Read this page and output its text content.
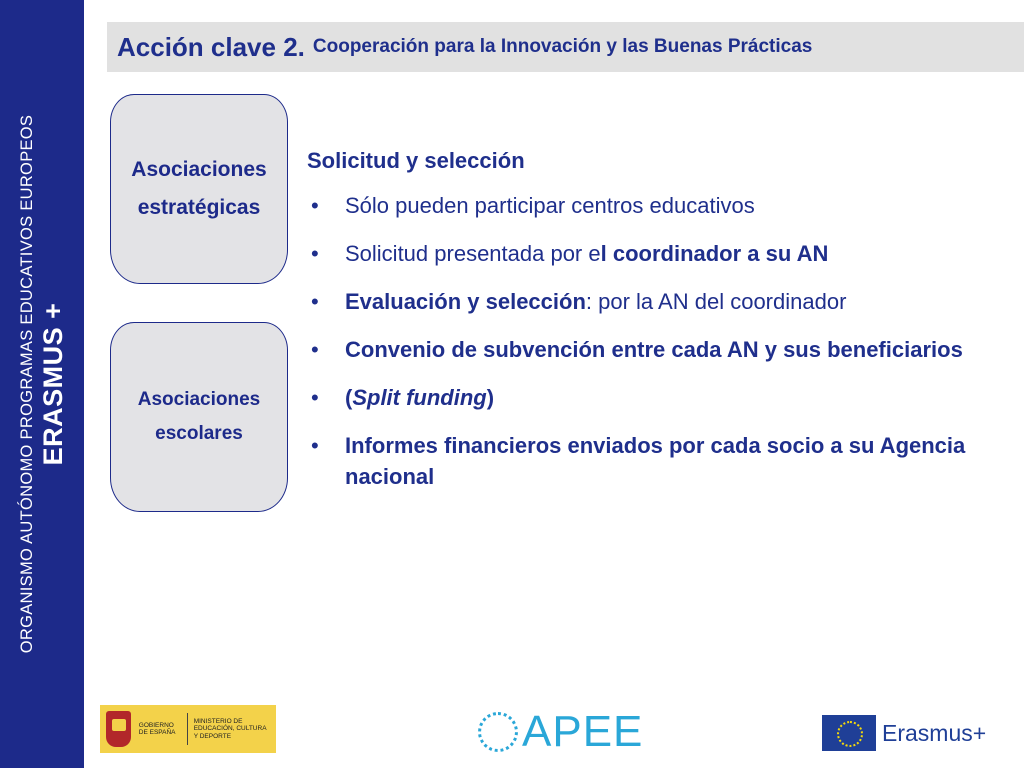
ORGANISMO AUTÓNOMO PROGRAMAS EDUCATIVOS EUROPEOS ERASMUS +
Acción clave 2. Cooperación para la Innovación y las Buenas Prácticas
Asociaciones
estratégicas
Asociaciones
escolares
Solicitud y selección
• Sólo pueden participar centros educativos
• Solicitud presentada por el coordinador a su AN
• Evaluación y selección: por la AN del coordinador
• Convenio de subvención entre cada AN y sus beneficiarios
• (Split funding)
• Informes financieros enviados por cada socio a su Agencia nacional
GOBIERNO DE ESPAÑA
MINISTERIO DE EDUCACIÓN, CULTURA Y DEPORTE	APEE	Erasmus+
